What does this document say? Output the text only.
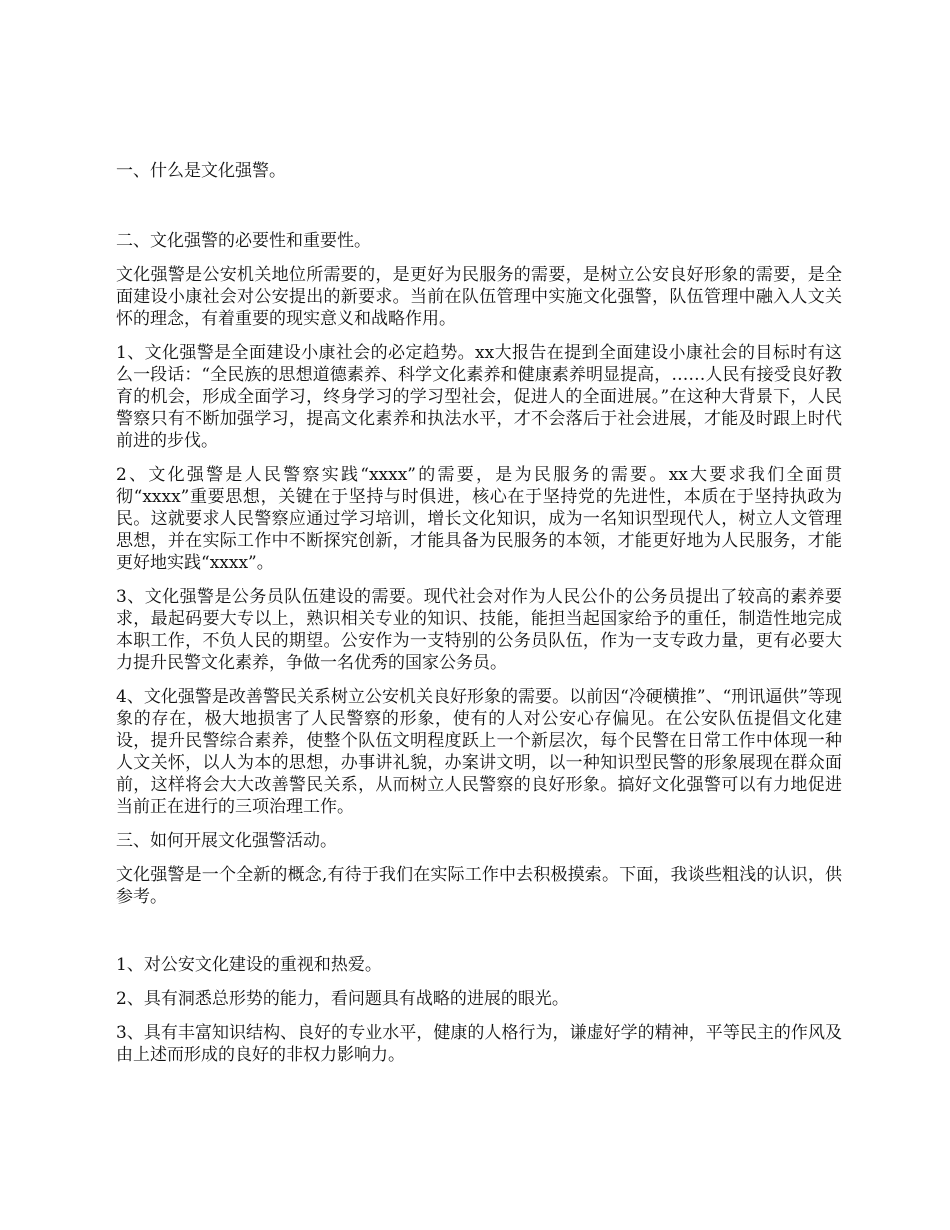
一、什么是文化强警。

二、文化强警的必要性和重要性。

文化强警是公安机关地位所需要的，是更好为民服务的需要，是树立公安良好形象的需要，是全面建设小康社会对公安提出的新要求。当前在队伍管理中实施文化强警，队伍管理中融入人文关怀的理念，有着重要的现实意义和战略作用。

1、文化强警是全面建设小康社会的必定趋势。xx大报告在提到全面建设小康社会的目标时有这么一段话：“全民族的思想道德素养、科学文化素养和健康素养明显提高，……人民有接受良好教育的机会，形成全面学习，终身学习的学习型社会，促进人的全面进展。”在这种大背景下，人民警察只有不断加强学习，提高文化素养和执法水平，才不会落后于社会进展，才能及时跟上时代前进的步伐。

2、文化强警是人民警察实践“xxxx”的需要，是为民服务的需要。xx大要求我们全面贯彻“xxxx”重要思想，关键在于坚持与时俱进，核心在于坚持党的先进性，本质在于坚持执政为民。这就要求人民警察应通过学习培训，增长文化知识，成为一名知识型现代人，树立人文管理思想，并在实际工作中不断探究创新，才能具备为民服务的本领，才能更好地为人民服务，才能更好地实践“xxxx”。

3、文化强警是公务员队伍建设的需要。现代社会对作为人民公仆的公务员提出了较高的素养要求，最起码要大专以上，熟识相关专业的知识、技能，能担当起国家给予的重任，制造性地完成本职工作，不负人民的期望。公安作为一支特别的公务员队伍，作为一支专政力量，更有必要大力提升民警文化素养，争做一名优秀的国家公务员。

4、文化强警是改善警民关系树立公安机关良好形象的需要。以前因“冷硬横推”、“刑讯逼供”等现象的存在，极大地损害了人民警察的形象，使有的人对公安心存偏见。在公安队伍提倡文化建设，提升民警综合素养，使整个队伍文明程度跃上一个新层次，每个民警在日常工作中体现一种人文关怀，以人为本的思想，办事讲礼貌，办案讲文明，以一种知识型民警的形象展现在群众面前，这样将会大大改善警民关系，从而树立人民警察的良好形象。搞好文化强警可以有力地促进当前正在进行的三项治理工作。

三、如何开展文化强警活动。

文化强警是一个全新的概念,有待于我们在实际工作中去积极摸索。下面，我谈些粗浅的认识，供参考。

1、对公安文化建设的重视和热爱。

2、具有洞悉总形势的能力，看问题具有战略的进展的眼光。

3、具有丰富知识结构、良好的专业水平，健康的人格行为，谦虚好学的精神，平等民主的作风及由上述而形成的良好的非权力影响力。
